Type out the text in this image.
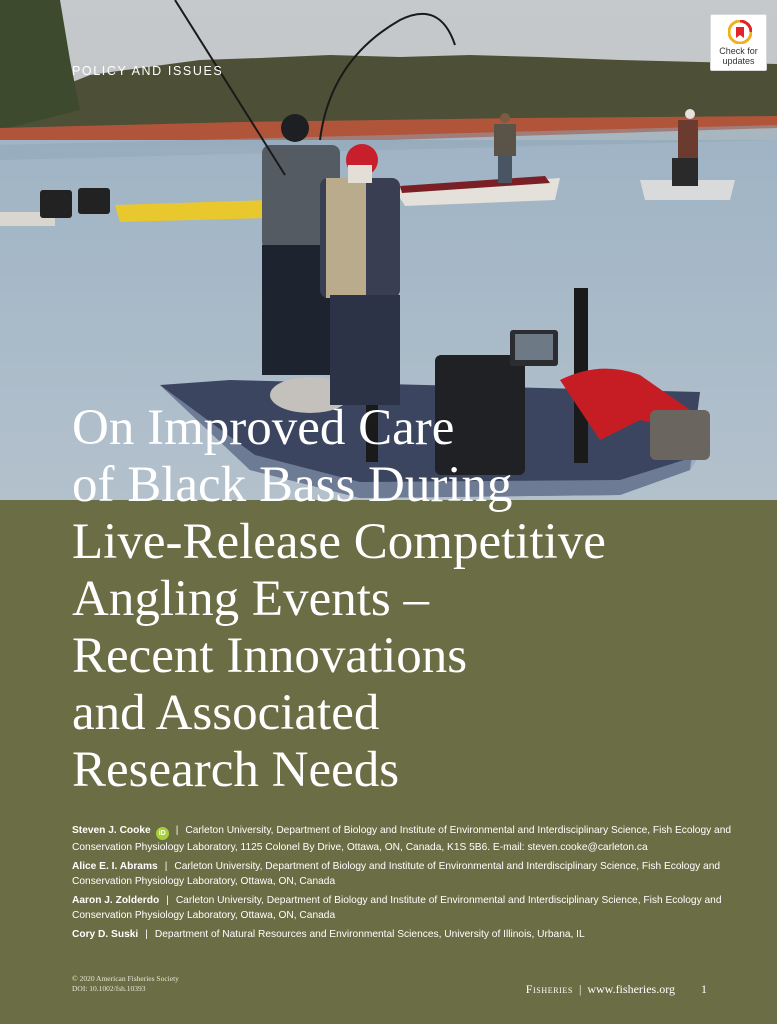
POLICY AND ISSUES
Check for
updates
On Improved Care
of Black Bass During
Live-Release Competitive
Angling Events –
Recent Innovations
and Associated
Research Needs
Steven J. Cooke iD | Carleton University, Department of Biology and Institute of Environmental and Interdisciplinary Science, Fish Ecology and Conservation Physiology Laboratory, 1125 Colonel By Drive, Ottawa, ON, Canada, K1S 5B6. E-mail: steven.cooke@carleton.ca
Alice E. I. Abrams | Carleton University, Department of Biology and Institute of Environmental and Interdisciplinary Science, Fish Ecology and Conservation Physiology Laboratory, Ottawa, ON, Canada
Aaron J. Zolderdo | Carleton University, Department of Biology and Institute of Environmental and Interdisciplinary Science, Fish Ecology and Conservation Physiology Laboratory, Ottawa, ON, Canada
Cory D. Suski | Department of Natural Resources and Environmental Sciences, University of Illinois, Urbana, IL
© 2020 American Fisheries Society
DOI: 10.1002/fsh.10393	Fisheries | www.fisheries.org 1
